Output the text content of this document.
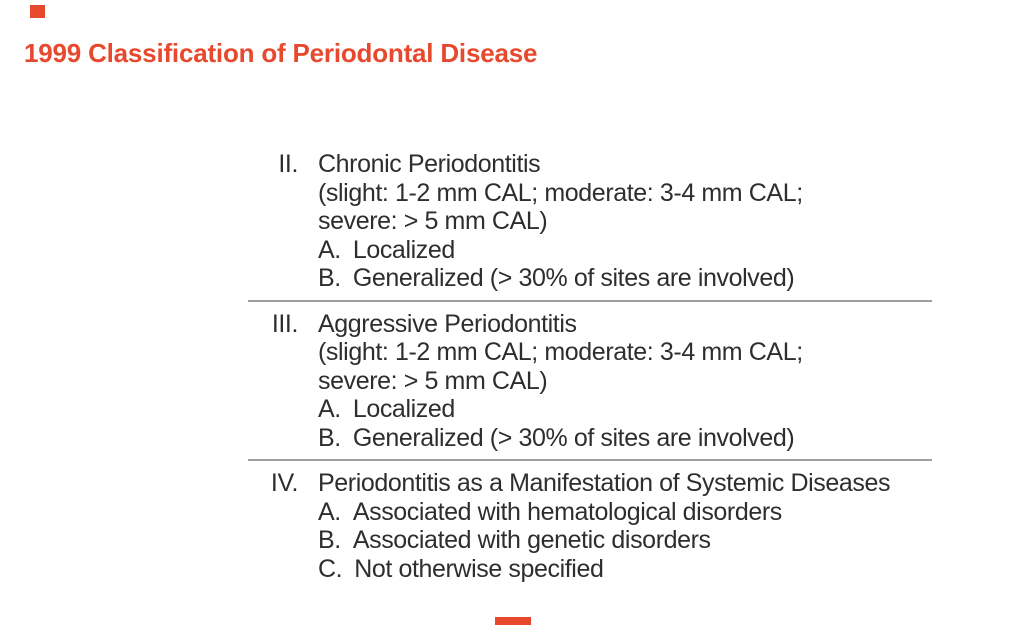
1999 Classification of Periodontal Disease
II. Chronic Periodontitis
(slight: 1-2 mm CAL; moderate: 3-4 mm CAL;
severe: > 5 mm CAL)
A. Localized
B. Generalized (> 30% of sites are involved)
III. Aggressive Periodontitis
(slight: 1-2 mm CAL; moderate: 3-4 mm CAL;
severe: > 5 mm CAL)
A. Localized
B. Generalized (> 30% of sites are involved)
IV. Periodontitis as a Manifestation of Systemic Diseases
A. Associated with hematological disorders
B. Associated with genetic disorders
C. Not otherwise specified
